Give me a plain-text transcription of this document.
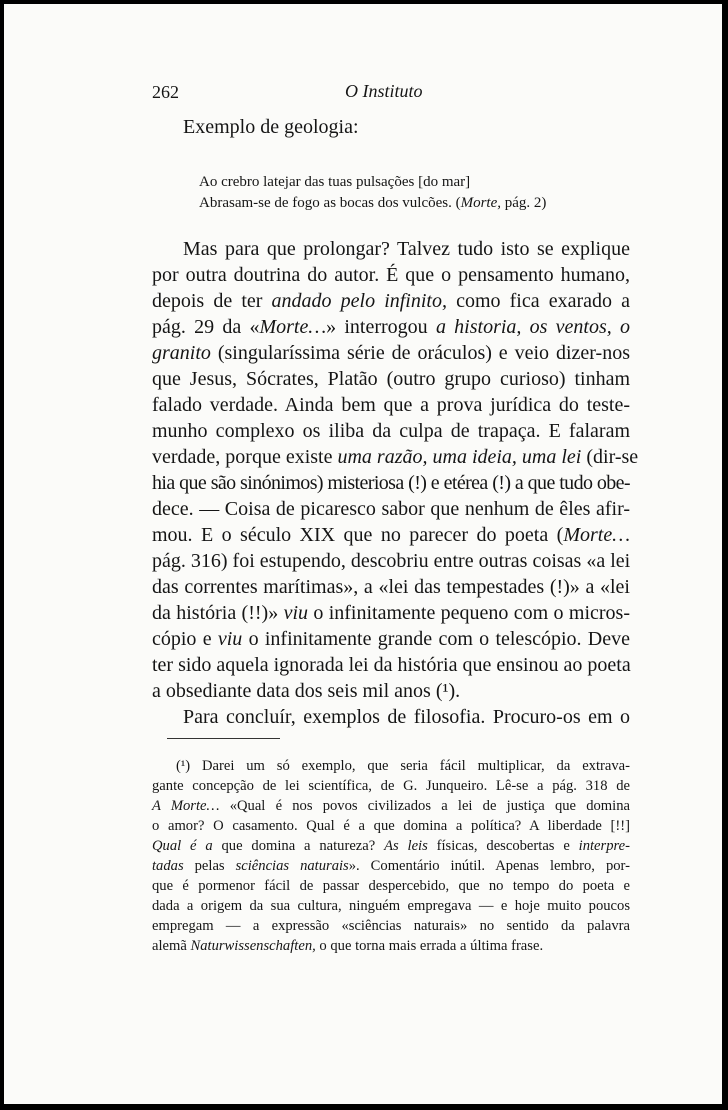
262	O Instituto
Exemplo de geologia:
Ao crebro latejar das tuas pulsações [do mar]
Abrasam-se de fogo as bocas dos vulcões. (Morte, pág. 2)
Mas para que prolongar? Talvez tudo isto se explique
por outra doutrina do autor. É que o pensamento humano,
depois de ter andado pelo infinito, como fica exarado a
pág. 29 da «Morte…» interrogou a historia, os ventos, o
granito (singularíssima série de oráculos) e veio dizer-nos
que Jesus, Sócrates, Platão (outro grupo curioso) tinham
falado verdade. Ainda bem que a prova jurídica do teste-
munho complexo os iliba da culpa de trapaça. E falaram
verdade, porque existe uma razão, uma ideia, uma lei (dir-se
hia que são sinónimos) misteriosa (!) e etérea (!) a que tudo obe-
dece. — Coisa de picaresco sabor que nenhum de êles afir-
mou. E o século XIX que no parecer do poeta (Morte…
pág. 316) foi estupendo, descobriu entre outras coisas «a lei
das correntes marítimas», a «lei das tempestades (!)» a «lei
da história (!!)» viu o infinitamente pequeno com o micros-
cópio e viu o infinitamente grande com o telescópio. Deve
ter sido aquela ignorada lei da história que ensinou ao poeta
a obsediante data dos seis mil anos (¹).
Para concluír, exemplos de filosofia. Procuro-os em o
(¹) Darei um só exemplo, que seria fácil multiplicar, da extrava-
gante concepção de lei scientífica, de G. Junqueiro. Lê-se a pág. 318 de
A Morte… «Qual é nos povos civilizados a lei de justiça que domina
o amor? O casamento. Qual é a que domina a política? A liberdade [!!]
Qual é a que domina a natureza? As leis físicas, descobertas e interpre-
tadas pelas sciências naturais». Comentário inútil. Apenas lembro, por-
que é pormenor fácil de passar despercebido, que no tempo do poeta e
dada a origem da sua cultura, ninguém empregava — e hoje muito poucos
empregam — a expressão «sciências naturais» no sentido da palavra
alemã Naturwissenschaften, o que torna mais errada a última frase.
